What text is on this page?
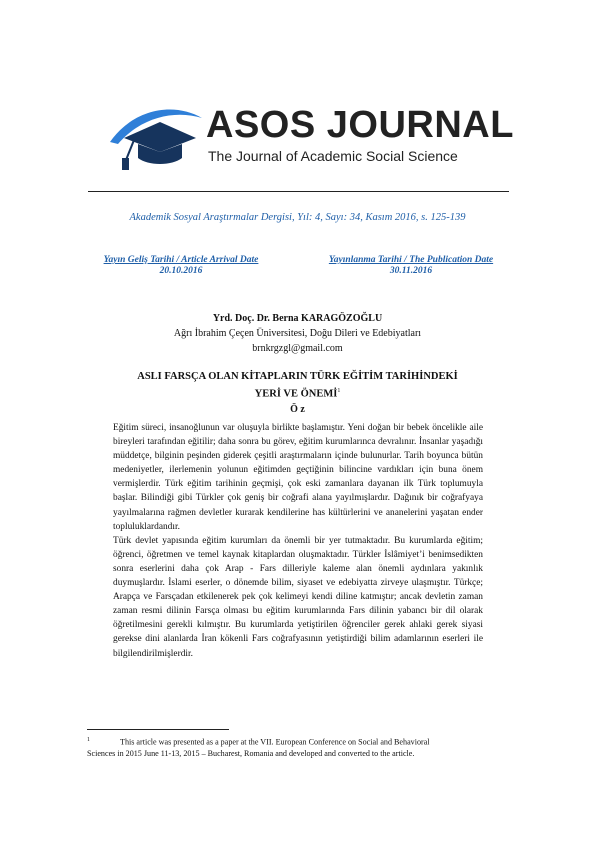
ASOS JOURNAL
The Journal of Academic Social Science
Akademik Sosyal Araştırmalar Dergisi, Yıl: 4, Sayı: 34, Kasım 2016, s. 125-139
Yayın Geliş Tarihi / Article Arrival Date
20.10.2016
Yayınlanma Tarihi / The Publication Date
30.11.2016
Yrd. Doç. Dr. Berna KARAGÖZOĞLU
Ağrı İbrahim Çeçen Üniversitesi, Doğu Dileri ve Edebiyatları
brnkrgzgl@gmail.com
ASLI FARSÇA OLAN KİTAPLARIN TÜRK EĞİTİM TARİHİNDEKİ
YERİ VE ÖNEMİ$^1$
Ö z

Eğitim süreci, insanoğlunun var oluşuyla birlikte başlamıştır. Yeni doğan bir bebek öncelikle aile bireyleri tarafından eğitilir; daha sonra bu görev, eğitim kurumlarınca devralınır. İnsanlar yaşadığı müddetçe, bilginin peşinden giderek çeşitli araştırmaların içinde bulunurlar. Tarih boyunca bütün medeniyetler, ilerlemenin yolunun eğitimden geçtiğinin bilincine vardıkları için buna önem vermişlerdir. Türk eğitim tarihinin geçmişi, çok eski zamanlara dayanan ilk Türk toplumuyla başlar. Bilindiği gibi Türkler çok geniş bir coğrafi alana yayılmışlardır. Dağınık bir coğrafyaya yayılmalarına rağmen devletler kurarak kendilerine has kültürlerini ve ananelerini yaşatan ender topluluklardandır.

Türk devlet yapısında eğitim kurumları da önemli bir yer tutmaktadır. Bu kurumlarda eğitim; öğrenci, öğretmen ve temel kaynak kitaplardan oluşmaktadır. Türkler İslâmiyet’i benimsedikten sonra eserlerini daha çok Arap - Fars dilleriyle kaleme alan önemli aydınlara yakınlık duymuşlardır. İslami eserler, o dönemde bilim, siyaset ve edebiyatta zirveye ulaşmıştır. Türkçe; Arapça ve Farsçadan etkilenerek pek çok kelimeyi kendi diline katmıştır; ancak devletin zaman zaman resmi dilinin Farsça olması bu eğitim kurumlarında Fars dilinin yabancı bir dil olarak öğretilmesini gerekli kılmıştır. Bu kurumlarda yetiştirilen öğrenciler gerek ahlaki gerek siyasi gerekse dini alanlarda İran kökenli Fars coğrafyasının yetiştirdiği bilim adamlarının eserleri ile bilgilendirilmişlerdir.

$^1$	This article was presented as a paper at the VII. European Conference on Social and Behavioral
Sciences in 2015 June 11-13, 2015 – Bucharest, Romania and developed and converted to the article.
